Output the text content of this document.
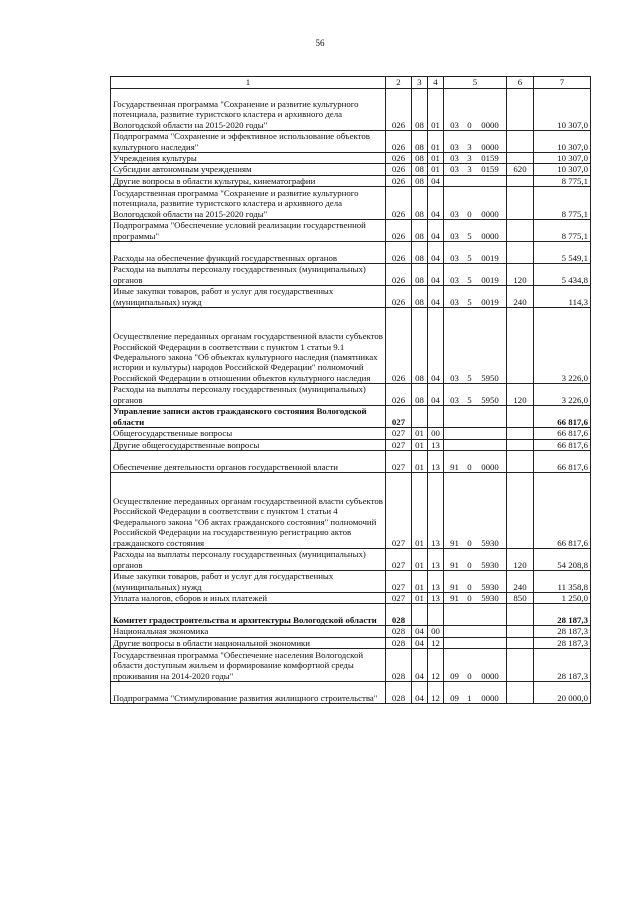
56
1	2	3	4	5	6	7
Государственная программа "Сохранение и развитие культурного потенциала, развитие туристского кластера и архивного дела Вологодской области на 2015-2020 годы"	026	08	01	03 0 0000		10 307,0
Подпрограмма "Сохранение и эффективное использование объектов культурного наследия"	026	08	01	03 3 0000		10 307,0
Учреждения культуры	026	08	01	03 3 0159		10 307,0
Субсидии автономным учреждениям	026	08	01	03 3 0159	620	10 307,0
Другие вопросы в области культуры, кинематографии	026	08	04			8 775,1
Государственная программа "Сохранение и развитие культурного потенциала, развитие туристского кластера и архивного дела Вологодской области на 2015-2020 годы"	026	08	04	03 0 0000		8 775,1
Подпрограмма "Обеспечение условий реализации государственной программы"	026	08	04	03 5 0000		8 775,1
Расходы на обеспечение функций государственных органов	026	08	04	03 5 0019		5 549,1
Расходы на выплаты персоналу государственных (муниципальных) органов	026	08	04	03 5 0019	120	5 434,8
Иные закупки товаров, работ и услуг для государственных (муниципальных) нужд	026	08	04	03 5 0019	240	114,3
Осуществление переданных органам государственной власти субъектов Российской Федерации в соответствии с пунктом 1 статьи 9.1 Федерального закона "Об объектах культурного наследия (памятниках истории и культуры) народов Российской Федерации" полномочий Российской Федерации в отношении объектов культурного наследия	026	08	04	03 5 5950		3 226,0
Расходы на выплаты персоналу государственных (муниципальных) органов	026	08	04	03 5 5950	120	3 226,0
Управление записи актов гражданского состояния Вологодской области	027					66 817,6
Общегосударственные вопросы	027	01	00			66 817,6
Другие общегосударственные вопросы	027	01	13			66 817,6
Обеспечение деятельности органов государственной власти	027	01	13	91 0 0000		66 817,6
Осуществление переданных органам государственной власти субъектов Российской Федерации в соответствии с пунктом 1 статьи 4 Федерального закона "Об актах гражданского состояния" полномочий Российской Федерации на государственную регистрацию актов гражданского состояния	027	01	13	91 0 5930		66 817,6
Расходы на выплаты персоналу государственных (муниципальных) органов	027	01	13	91 0 5930	120	54 208,8
Иные закупки товаров, работ и услуг для государственных (муниципальных) нужд	027	01	13	91 0 5930	240	11 358,8
Уплата налогов, сборов и иных платежей	027	01	13	91 0 5930	850	1 250,0
Комитет градостроительства и архитектуры Вологодской области	028					28 187,3
Национальная экономика	028	04	00			28 187,3
Другие вопросы в области национальной экономики	028	04	12			28 187,3
Государственная программа "Обеспечение населения Вологодской области доступным жильем и формирование комфортной среды проживания на 2014-2020 годы"	028	04	12	09 0 0000		28 187,3
Подпрограмма "Стимулирование развития жилищного строительства"	028	04	12	09 1 0000		20 000,0
